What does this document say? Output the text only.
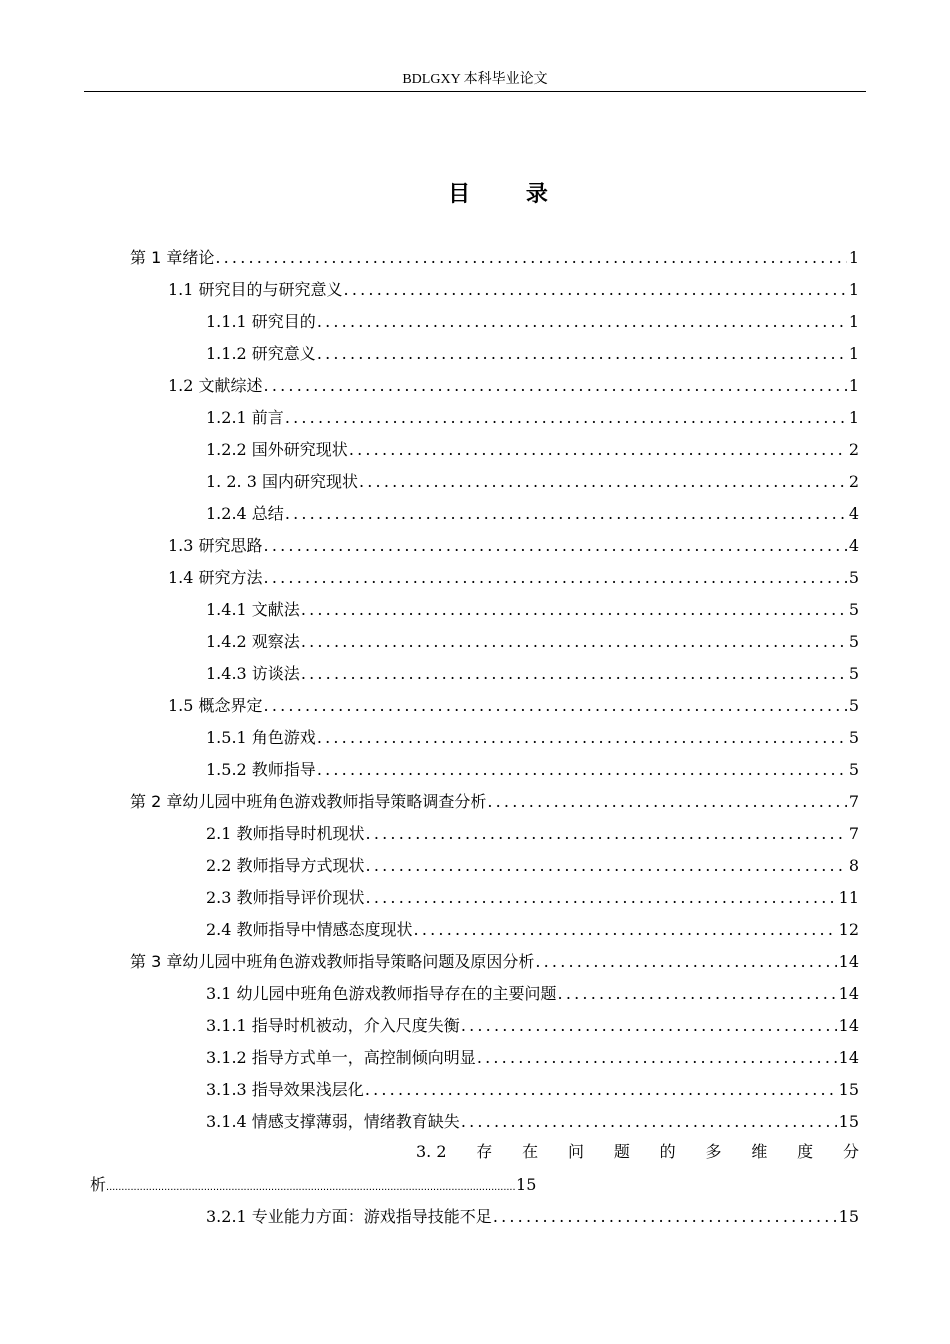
BDLGXY 本科毕业论文
目 录
第 1 章绪论 .....	1
1.1 研究目的与研究意义 .....	1
1.1.1 研究目的 .....	1
1.1.2 研究意义 .....	1
1.2 文献综述 .....	1
1.2.1 前言 .....	1
1.2.2 国外研究现状 .....	2
1. 2. 3 国内研究现状 .....	2
1.2.4 总结 .....	4
1.3 研究思路 .....	4
1.4 研究方法 .....	5
1.4.1 文献法 .....	5
1.4.2 观察法 .....	5
1.4.3 访谈法 .....	5
1.5 概念界定 .....	5
1.5.1 角色游戏 .....	5
1.5.2 教师指导 .....	5
第 2 章幼儿园中班角色游戏教师指导策略调查分析 .....	7
2.1 教师指导时机现状 .....	7
2.2 教师指导方式现状 .....	8
2.3 教师指导评价现状 .....	11
2.4 教师指导中情感态度现状 .....	12
第 3 章幼儿园中班角色游戏教师指导策略问题及原因分析 .....	14
3.1 幼儿园中班角色游戏教师指导存在的主要问题 .....	14
3.1.1 指导时机被动，介入尺度失衡 .....	14
3.1.2 指导方式单一，高控制倾向明显 .....	14
3.1.3 指导效果浅层化 .....	15
3.1.4 情感支撑薄弱，情绪教育缺失 .....	15
3. 2 存 在 问 题 的 多 维 度 分
析 .....	15
3.2.1 专业能力方面：游戏指导技能不足 .....	15
